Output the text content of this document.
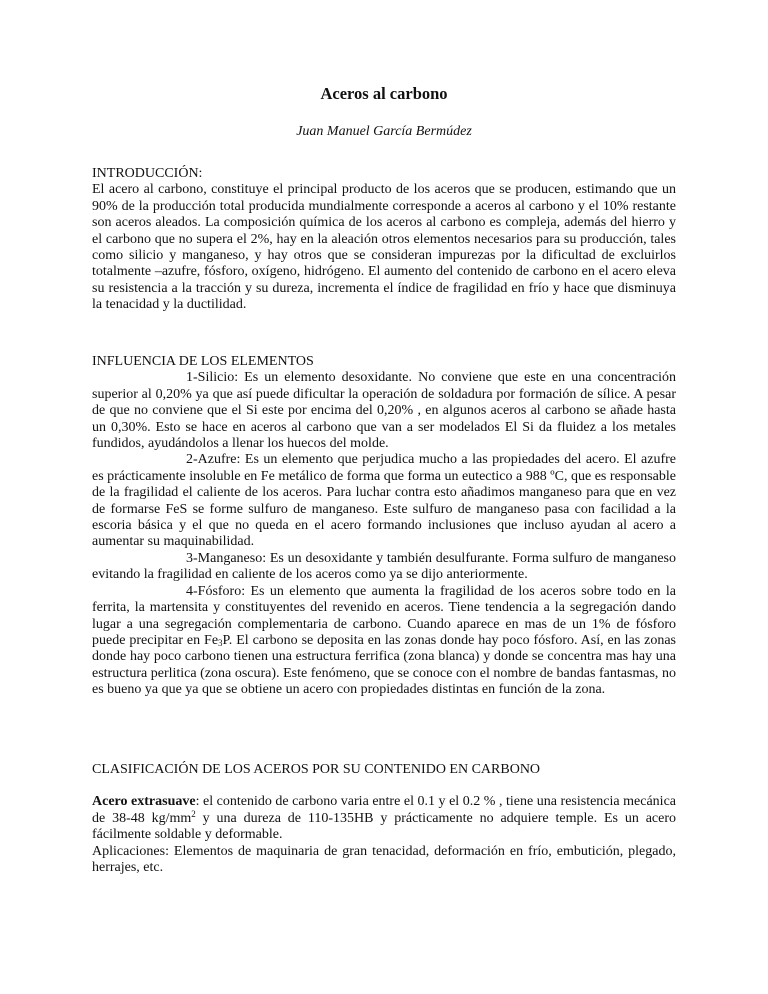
Aceros al carbono
Juan Manuel García Bermúdez

INTRODUCCIÓN:

El acero al carbono, constituye el principal producto de los aceros que se producen, estimando que un 90% de la producción total producida mundialmente corresponde a aceros al carbono y el 10% restante son aceros aleados. La composición química de los aceros al carbono es compleja, además del hierro y el carbono que no supera el 2%, hay en la aleación otros elementos necesarios para su producción, tales como silicio y manganeso, y hay otros que se consideran impurezas por la dificultad de excluirlos totalmente –azufre, fósforo, oxígeno, hidrógeno. El aumento del contenido de carbono en el acero eleva su resistencia a la tracción y su dureza, incrementa el índice de fragilidad en frío y hace que disminuya la tenacidad y la ductilidad.

INFLUENCIA DE LOS ELEMENTOS

1-Silicio: Es un elemento desoxidante. No conviene que este en una concentración superior al 0,20% ya que así puede dificultar la operación de soldadura por formación de sílice. A pesar de que no conviene que el Si este por encima del 0,20% , en algunos aceros al carbono se añade hasta un 0,30%. Esto se hace en aceros al carbono que van a ser modelados El Si da fluidez a los metales fundidos, ayudándolos a llenar los huecos del molde.

2-Azufre: Es un elemento que perjudica mucho a las propiedades del acero. El azufre es prácticamente insoluble en Fe metálico de forma que forma un eutectico a 988 ºC, que es responsable de la fragilidad el caliente de los aceros. Para luchar contra esto añadimos manganeso para que en vez de formarse FeS se forme sulfuro de manganeso. Este sulfuro de manganeso pasa con facilidad a la escoria básica y el que no queda en el acero formando inclusiones que incluso ayudan al acero a aumentar su maquinabilidad.

3-Manganeso: Es un desoxidante y también desulfurante. Forma sulfuro de manganeso evitando la fragilidad en caliente de los aceros como ya se dijo anteriormente.

4-Fósforo: Es un elemento que aumenta la fragilidad de los aceros sobre todo en la ferrita, la martensita y constituyentes del revenido en aceros. Tiene tendencia a la segregación dando lugar a una segregación complementaria de carbono. Cuando aparece en mas de un 1% de fósforo puede precipitar en $Fe_3P$. El carbono se deposita en las zonas donde hay poco fósforo. Así, en las zonas donde hay poco carbono tienen una estructura ferrifica (zona blanca) y donde se concentra mas hay una estructura perlitica (zona oscura). Este fenómeno, que se conoce con el nombre de bandas fantasmas, no es bueno ya que ya que se obtiene un acero con propiedades distintas en función de la zona.

CLASIFICACIÓN DE LOS ACEROS POR SU CONTENIDO EN CARBONO

Acero extrasuave: el contenido de carbono varia entre el 0.1 y el 0.2 % , tiene una resistencia mecánica de 38-48 $kg/mm^2$ y una dureza de 110-135HB y prácticamente no adquiere temple. Es un acero fácilmente soldable y deformable.

Aplicaciones: Elementos de maquinaria de gran tenacidad, deformación en frío, embutición, plegado, herrajes, etc.
